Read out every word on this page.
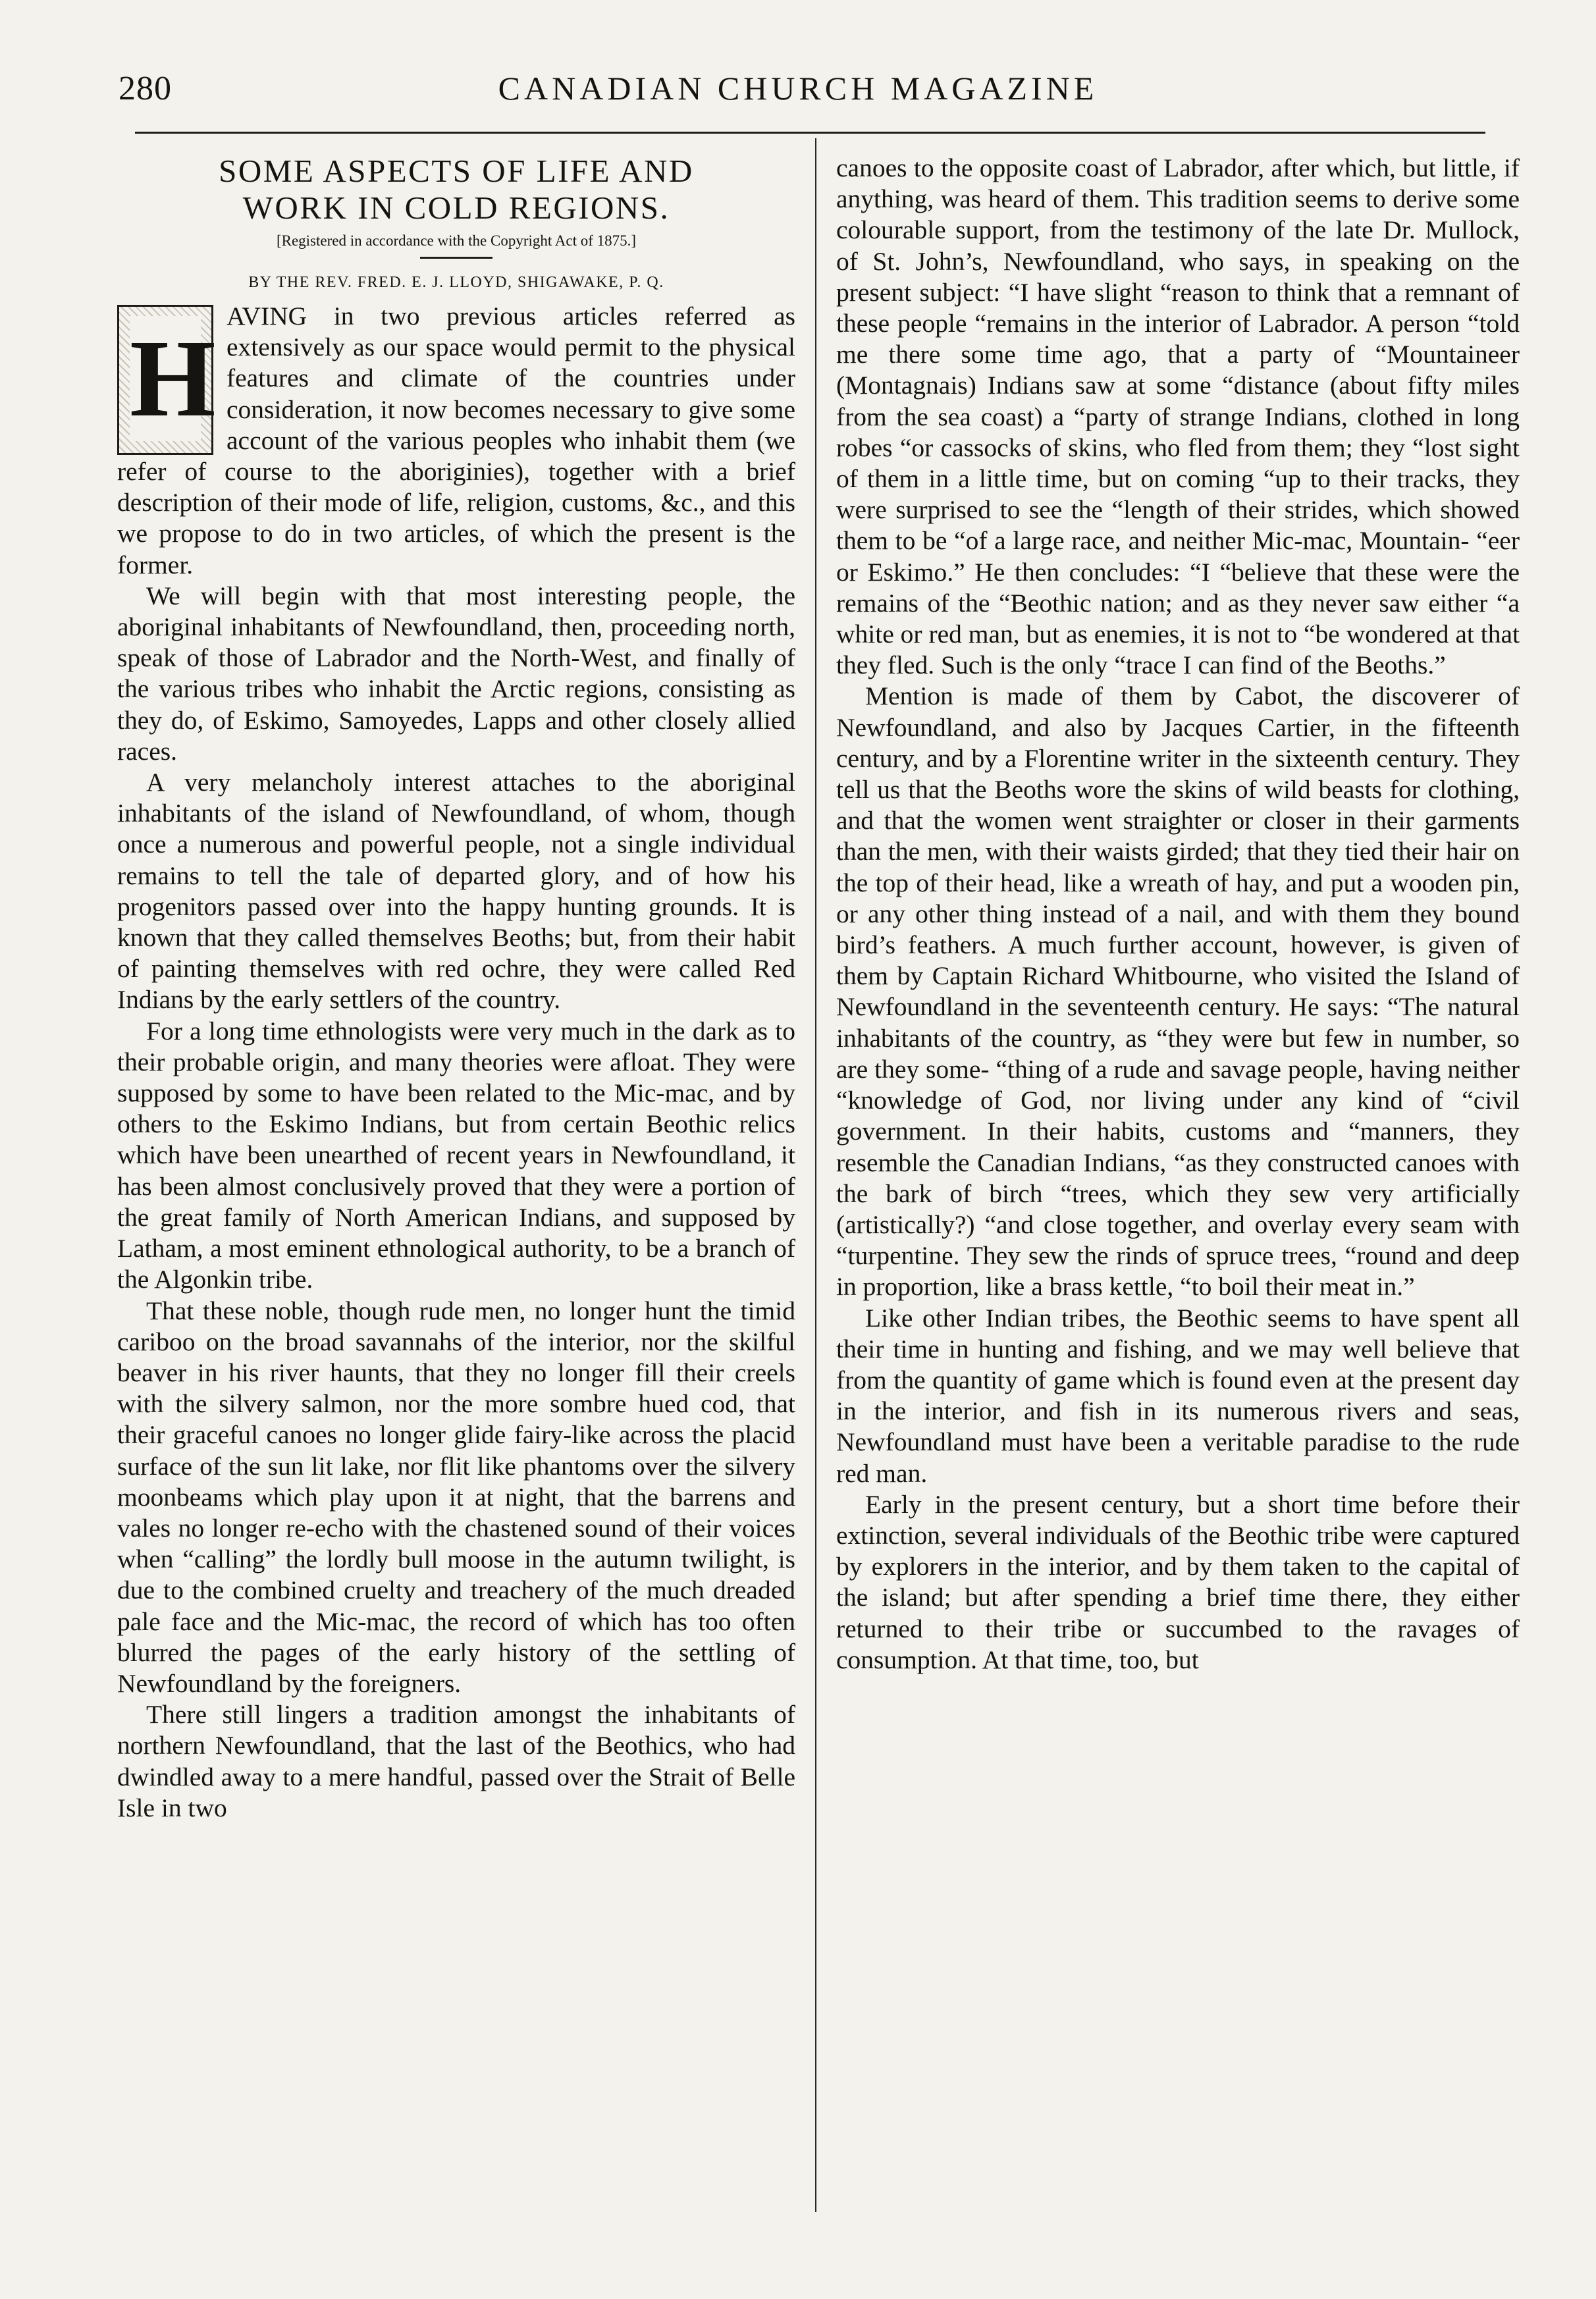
280	CANADIAN CHURCH MAGAZINE
SOME ASPECTS OF LIFE AND
WORK IN COLD REGIONS.
[Registered in accordance with the Copyright Act of 1875.]
BY THE REV. FRED. E. J. LLOYD, SHIGAWAKE, P. Q.
H

AVING in two previous articles referred as extensively as our space would permit to the physical features and climate of the countries under consideration, it now becomes necessary to give some account of the various peoples who inhabit them (we refer of course to the aboriginies), together with a brief description of their mode of life, religion, customs, &c., and this we propose to do in two articles, of which the present is the former.

We will begin with that most interesting people, the aboriginal inhabitants of Newfoundland, then, proceeding north, speak of those of Labrador and the North-West, and finally of the various tribes who inhabit the Arctic regions, consisting as they do, of Eskimo, Samoyedes, Lapps and other closely allied races.

A very melancholy interest attaches to the aboriginal inhabitants of the island of Newfoundland, of whom, though once a numerous and powerful people, not a single individual remains to tell the tale of departed glory, and of how his progenitors passed over into the happy hunting grounds. It is known that they called themselves Beoths; but, from their habit of painting themselves with red ochre, they were called Red Indians by the early settlers of the country.

For a long time ethnologists were very much in the dark as to their probable origin, and many theories were afloat. They were supposed by some to have been related to the Mic-mac, and by others to the Eskimo Indians, but from certain Beothic relics which have been unearthed of recent years in Newfoundland, it has been almost conclusively proved that they were a portion of the great family of North American Indians, and supposed by Latham, a most eminent ethnological authority, to be a branch of the Algonkin tribe.

That these noble, though rude men, no longer hunt the timid cariboo on the broad savannahs of the interior, nor the skilful beaver in his river haunts, that they no longer fill their creels with the silvery salmon, nor the more sombre hued cod, that their graceful canoes no longer glide fairy-like across the placid surface of the sun lit lake, nor flit like phantoms over the silvery moonbeams which play upon it at night, that the barrens and vales no longer re-echo with the chastened sound of their voices when “calling” the lordly bull moose in the autumn twilight, is due to the combined cruelty and treachery of the much dreaded pale face and the Mic-mac, the record of which has too often blurred the pages of the early history of the settling of Newfoundland by the foreigners.

There still lingers a tradition amongst the inhabitants of northern Newfoundland, that the last of the Beothics, who had dwindled away to a mere handful, passed over the Strait of Belle Isle in two

canoes to the opposite coast of Labrador, after which, but little, if anything, was heard of them. This tradition seems to derive some colourable support, from the testimony of the late Dr. Mullock, of St. John’s, Newfoundland, who says, in speaking on the present subject: “I have slight “reason to think that a remnant of these people “remains in the interior of Labrador. A person “told me there some time ago, that a party of “Mountaineer (Montagnais) Indians saw at some “distance (about fifty miles from the sea coast) a “party of strange Indians, clothed in long robes “or cassocks of skins, who fled from them; they “lost sight of them in a little time, but on coming “up to their tracks, they were surprised to see the “length of their strides, which showed them to be “of a large race, and neither Mic-mac, Mountain- “eer or Eskimo.” He then concludes: “I “believe that these were the remains of the “Beothic nation; and as they never saw either “a white or red man, but as enemies, it is not to “be wondered at that they fled. Such is the only “trace I can find of the Beoths.”

Mention is made of them by Cabot, the discoverer of Newfoundland, and also by Jacques Cartier, in the fifteenth century, and by a Florentine writer in the sixteenth century. They tell us that the Beoths wore the skins of wild beasts for clothing, and that the women went straighter or closer in their garments than the men, with their waists girded; that they tied their hair on the top of their head, like a wreath of hay, and put a wooden pin, or any other thing instead of a nail, and with them they bound bird’s feathers. A much further account, however, is given of them by Captain Richard Whitbourne, who visited the Island of Newfoundland in the seventeenth century. He says: “The natural inhabitants of the country, as “they were but few in number, so are they some- “thing of a rude and savage people, having neither “knowledge of God, nor living under any kind of “civil government. In their habits, customs and “manners, they resemble the Canadian Indians, “as they constructed canoes with the bark of birch “trees, which they sew very artificially (artistically?) “and close together, and overlay every seam with “turpentine. They sew the rinds of spruce trees, “round and deep in proportion, like a brass kettle, “to boil their meat in.”

Like other Indian tribes, the Beothic seems to have spent all their time in hunting and fishing, and we may well believe that from the quantity of game which is found even at the present day in the interior, and fish in its numerous rivers and seas, Newfoundland must have been a veritable paradise to the rude red man.

Early in the present century, but a short time before their extinction, several individuals of the Beothic tribe were captured by explorers in the interior, and by them taken to the capital of the island; but after spending a brief time there, they either returned to their tribe or succumbed to the ravages of consumption. At that time, too, but
